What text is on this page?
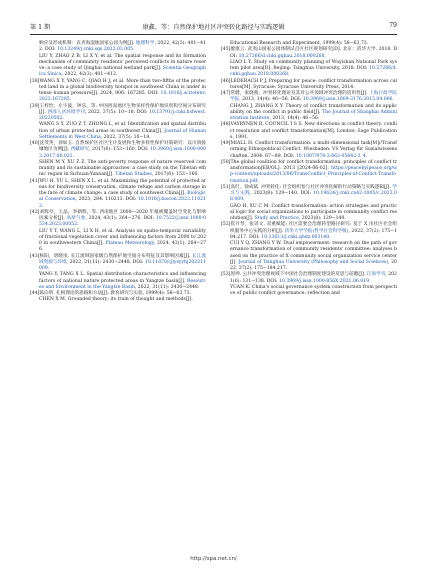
第 1 期	康鑫，等：自然保护地社区冲突转化路径与实践逻辑	79

响应及形成机制：以青海湿地国家公园为例[J]. 地理科学, 2022, 42(3): 401−412. DOI: 10.13249/j.cnki.sgs.2022.03.005.

LIU Y, ZHAO Z B, LI X Y, et al. The spatial response and its formation mechanism of community residents' perceived conflicts in nature reserve: a case study of Qinghai national wetland park[J]. Scientia Geographica Sinica, 2022, 42(3): 401−412.

[38]WANG X Y, YANG C, QIAO H J, et al. More than two-fifths of the protected land in a global biodiversity hotspot in southwest China is under intense human pressure[J]. 2024, 906: 167285. DOI: 10.1016/j.scitotenv.2023.167285.

[39]王梓怡，左宇波，钟乐，等. 中国西南地区生物多样性保护地识别和空间分布研究[J]. 西部人居环境学刊, 2022, 37(5): 10−18. DOI: 10.13791/j.cnki.hsfwest.20220502.

WANG S Y, ZUO Z T, ZHONG L, et al. Identification and spatial distribution of urban protected areas in southwest China[J]. Journal of Human Settlements in West China, 2022, 37(5): 10−18.

[40]沈茂英，徐如玉. 自然保护区社区生计发展和生物多样性保护对策研究：以川滇接壤地区为例[J]. 西藏研究, 2017(6): 153−160. DOI: 10.3969/j.issn.1000-0003.2017.06.021.

SHEN M Y, XU Z Z. The anti-poverty response of nature reserved community and its sustainable approaches: a case study on the Tibetan ethnic region in Sichuan-Yunnan[J]. Tibetan Studies, 2017(6): 153−160.

[41]WU H, YU L, SHEN X L, et al. Maximizing the potential of protected areas for biodiversity conservation, climate refuge and carbon storage in the face of climate change: a case study of southwest China[J]. Biological Conservation, 2023, 284: 110213. DOI: 10.1016/j.biocon.2023.110213.

[42]刘辉亭，王晶，李朝辉，等. 西南地区 2000—2020 年植被覆盖时空变化与影响因素分析[J]. 高原气象, 2024, 43(1): 264−276. DOI: 10.7522/j.issn.1000-0534.2023.00052.

LIU Y T, WANG L, LI X H, et al. Analysis on spatio-temporal variability of fractional vegetation cover and influencing factors from 2000 to 2020 in southwestern China[J]. Plateau Meteorology, 2024, 43(1): 264−276.

[43]杨阳，唐晓岚. 长江流域国家级自然保护地空间分布特征及其影响因素[J]. 长江流域资源与环境, 2022, 31(11): 2430−2448. DOI: 10.11870/cjlyzyyhj202211009.

YANG Y, TANG X L. Spatial distribution characteristics and influencing factors of national nature protected areas in Yangtze basin[J]. Resources and Environment in the Yangtze Basin, 2022, 31(11): 2430−2448.

[44]陈向明. 扎根理论的思路和方法[J]. 教育研究与实验, 1999(4): 58−63,73.

CHEN X M. Grounded theory: its train of thought and methods[J].

Educational Research and Experiment, 1999(4): 58−63,73.

[45]廖康云. 武夷山国家公园体制试点区社区规划研究[D]. 北京：清华大学, 2018. DOI: 10.27266/d.cnki.gqhau.2018.000268.

LIAO L Y. Study on community planning of Wuyishan National Park system pilot area[D]. Beijing: Tsinghua University, 2018. DOI: 10.27266/d.cnki.gqhau.2018.000268.

[46]LEDERACH P J. Preparing for peace: conflict transformation across cultures[M]. Syracuse: Syracuse University Press, 2014.

[47]常健，张晓燕，冲突转化理论及其对公共领域冲突治理的适用性[J]. 上海行政学院学报, 2013, 14(4): 46−56. DOI: 10.3969/j.issn.1009-3176.2013.04.006.

CHANG J, ZHANG X Y. Theory of conflict transformation and its applicability on the conflict in public field[J]. The Journal of Shanghai Administration Institute, 2013, 14(4): 46−56.

[48]VAYRYNEN R, COUNCIL I S S. New directions in conflict theory: conflict resolution and conflict transformation[M]. London: Sage Publications, 1991.

[49]MIALL H. Conflict transformation: a multi-dimensional task[M]//Transforming Ethnopolitical Conflict. Wiesbaden: VS Verlag für Sozialwissenschaften, 2004: 67−89. DOI: 10.1007/978-3-663-05642-3_4.

[50]The global coalition for conflict transformation. principles of conflict transformation[EB/OL]. 2013 [2024-06-02]. https://peacebyipeace.org/wp-content/uploads/2013/06/TransConflict_Principles-of-Conflict-Transformation.pdf.

[51]高红，徐成斌. 冲突转化: 社会组织参与社区冲突化解的行动策略与实践逻辑[J]. 学习与实践, 2023(8): 129−140. DOI: 10.19624/j.cnki.cn42-1005/c.2023.08.009.

GAO H, XU C M. Conflict transformation: action strategies and practical logic for social organizations to participate in community conflict resolution[J]. Study and Practice, 2023(8): 129−140.

[52]崔月琴，张译文. 双重赋能: 社区需要会治理转型路径研究: 基于 X 市社区社会组织服务中心实践的分析[J]. 清华大学学报(哲学社会科学版), 2022, 37(2): 175−184,217. DOI: 10.13613/j.cnki.qhdz.003140.

CUI Y Q, ZHANG Y W. Dual empowerment: research on the path of governance transformation of community residents' committee: analyses based on the practice of X community social organization service center[J]. Journal of Tsinghua University (Philosophy and Social Sciences), 2022, 37(2): 175−184,217.

[53]原坤. 公共冲突治理视域下中国社会治理制度建设的反思与前瞻[J]. 江海学刊, 2021(6): 131−138. DOI: 10.3969/j.issn.1000-856X.2021.06.019.

YUAN K. China's social governance system construction from perspective of public conflict governance: reflection and

http://spa.net.cn/
